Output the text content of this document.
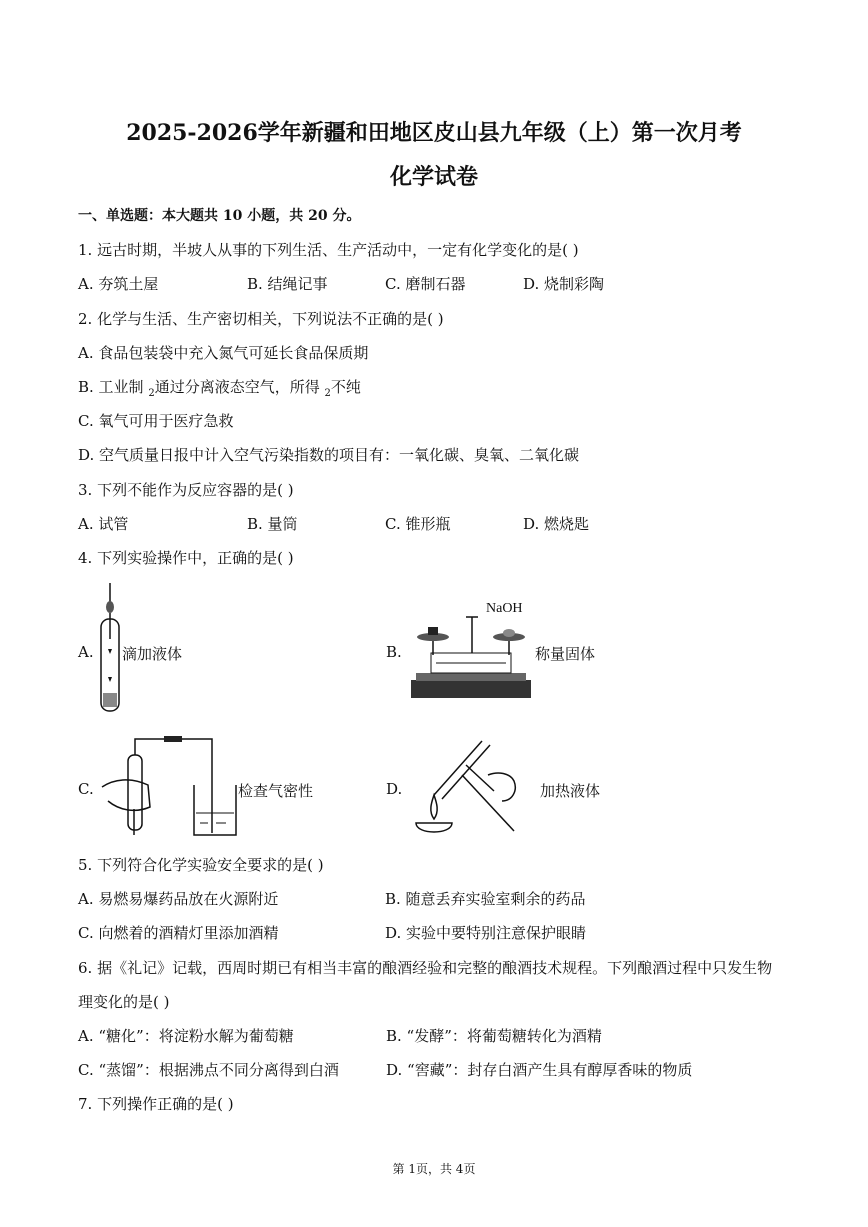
2025-2026学年新疆和田地区皮山县九年级（上）第一次月考
化学试卷
一、单选题：本大题共 10 小题，共 20 分。
1. 远古时期，半坡人从事的下列生活、生产活动中，一定有化学变化的是( )
A. 夯筑土屋	B. 结绳记事	C. 磨制石器	D. 烧制彩陶
2. 化学与生活、生产密切相关，下列说法不正确的是( )
A. 食品包装袋中充入氮气可延长食品保质期
B. 工业制 $_2$通过分离液态空气，所得 $_2$不纯
C. 氧气可用于医疗急救
D. 空气质量日报中计入空气污染指数的项目有：一氧化碳、臭氧、二氧化碳
3. 下列不能作为反应容器的是( )
A. 试管	B. 量筒	C. 锥形瓶	D. 燃烧匙
4. 下列实验操作中，正确的是( )
A. 滴加液体	B.
NaOH
称量固体
C.	检查气密性	D.	加热液体
5. 下列符合化学实验安全要求的是( )
A. 易燃易爆药品放在火源附近	B. 随意丢弃实验室剩余的药品
C. 向燃着的酒精灯里添加酒精	D. 实验中要特别注意保护眼睛
6. 据《礼记》记载，西周时期已有相当丰富的酿酒经验和完整的酿酒技术规程。下列酿酒过程中只发生物
理变化的是( )
A. “糖化”：将淀粉水解为葡萄糖	B. “发酵”：将葡萄糖转化为酒精
C. “蒸馏”：根据沸点不同分离得到白酒	D. “窖藏”：封存白酒产生具有醇厚香味的物质
7. 下列操作正确的是( )
第 1页，共 4页
